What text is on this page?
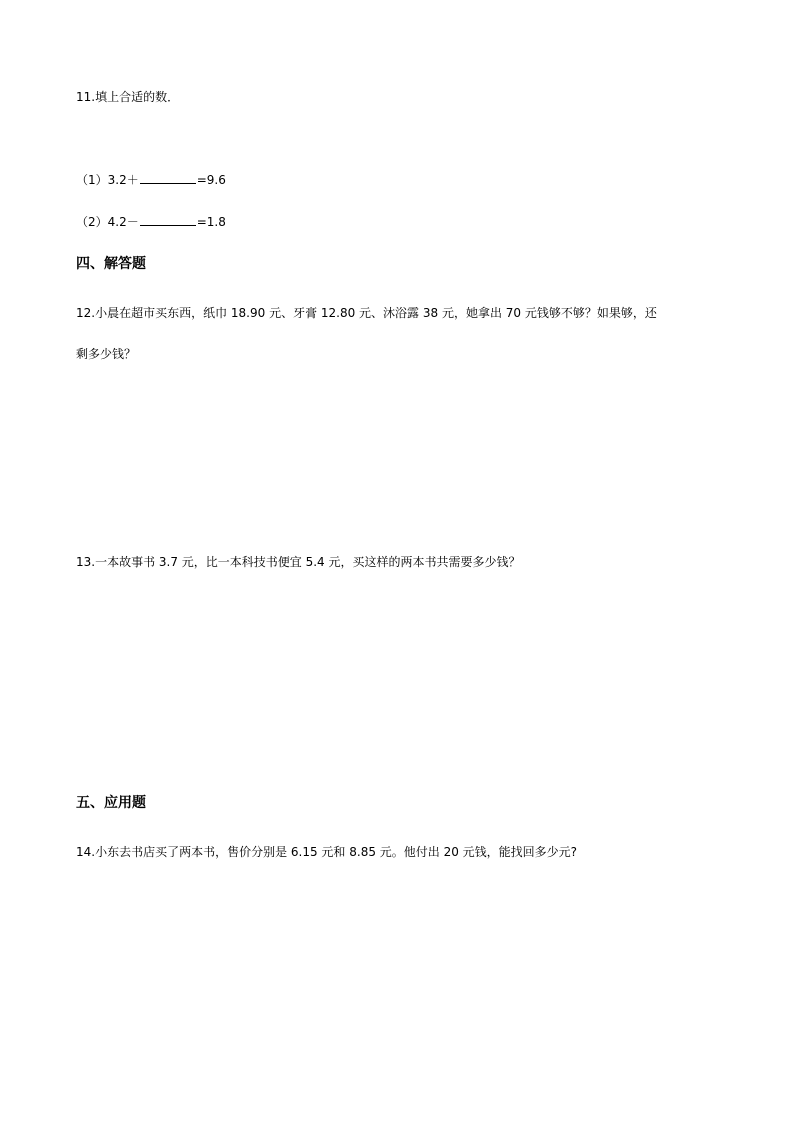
11.填上合适的数．
（1）3.2＋	=9.6
（2）4.2－	=1.8
四、解答题
12.小晨在超市买东西，纸巾 18.90 元、牙膏 12.80 元、沐浴露 38 元，她拿出 70 元钱够不够？如果够，还
剩多少钱？
13.一本故事书 3.7 元，比一本科技书便宜 5.4 元，买这样的两本书共需要多少钱？
五、应用题
14.小东去书店买了两本书，售价分别是 6.15 元和 8.85 元。他付出 20 元钱，能找回多少元?
